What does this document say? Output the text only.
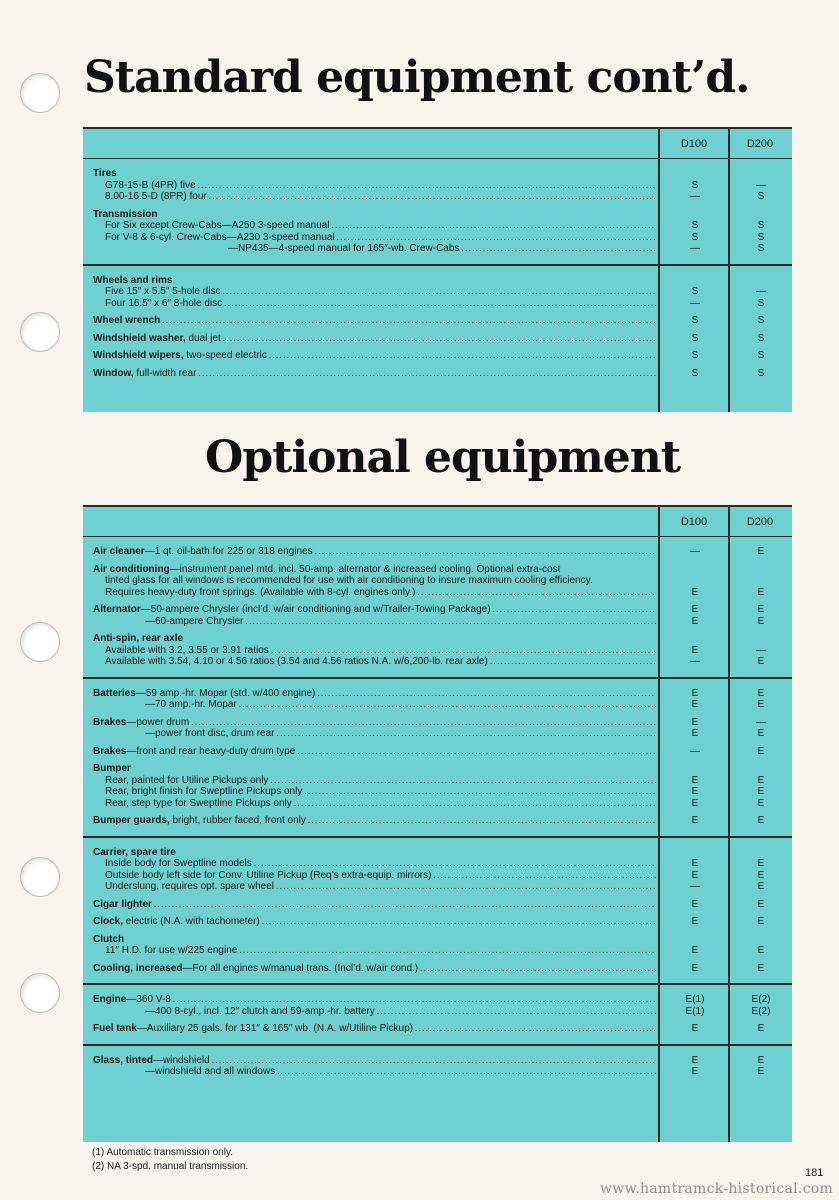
Standard equipment cont’d.
D100	D200
Tires
G78-15-B (4PR) five . . .	S	—
8.00-16.5-D (8PR) four . . .	—	S
Transmission
For Six except Crew-Cabs—A250 3-speed manual . . .	S	S
For V-8 & 6-cyl. Crew-Cabs—A230 3-speed manual . . .	S	S
—NP435—4-speed manual for 165″-wb. Crew-Cabs . . .	—	S
Wheels and rims
Five 15″ x 5.5″ 5-hole disc . . .	S	—
Four 16.5″ x 6″ 8-hole disc . . .	—	S
Wheel wrench . . .	S	S
Windshield washer, dual jet . . .	S	S
Windshield wipers, two-speed electric . . .	S	S
Window, full-width rear . . .	S	S
Optional equipment
D100	D200
Air cleaner—1 qt. oil-bath for 225 or 318 engines . . .	—	E
Air conditioning—instrument panel mtd. incl. 50-amp. alternator & increased cooling. Optional extra-cost
tinted glass for all windows is recommended for use with air conditioning to insure maximum cooling efficiency.
Requires heavy-duty front springs. (Available with 8-cyl. engines only.) . . .	E	E
Alternator—50-ampere Chrysler (incl’d. w/air conditioning and w/Trailer-Towing Package) . . .	E	E
—60-ampere Chrysler . . .	E	E
Anti-spin, rear axle
Available with 3.2, 3.55 or 3.91 ratios . . .	E	—
Available with 3.54, 4.10 or 4.56 ratios (3.54 and 4.56 ratios N.A. w/6,200-lb. rear axle) . . .	—	E
Batteries—59 amp.-hr. Mopar (std. w/400 engine) . . .	E	E
—70 amp.-hr. Mopar . . .	E	E
Brakes—power drum . . .	E	—
—power front disc, drum rear . . .	E	E
Brakes—front and rear heavy-duty drum type . . .	—	E
Bumper
Rear, painted for Utiline Pickups only . . .	E	E
Rear, bright finish for Sweptline Pickups only . . .	E	E
Rear, step type for Sweptline Pickups only . . .	E	E
Bumper guards, bright, rubber faced, front only . . .	E	E
Carrier, spare tire
Inside body for Sweptline models . . .	E	E
Outside body left side for Conv. Utiline Pickup (Req’s extra-equip. mirrors) . . .	E	E
Underslung, requires opt. spare wheel . . .	—	E
Cigar lighter . . .	E	E
Clock, electric (N.A. with tachometer) . . .	E	E
Clutch
11″ H.D. for use w/225 engine . . .	E	E
Cooling, increased—For all engines w/manual trans. (Incl’d. w/air cond.) . . .	E	E
Engine—360 V-8 . . .	E(1)	E(2)
—400 8-cyl., incl. 12″ clutch and 59-amp.-hr. battery . . .	E(1)	E(2)
Fuel tank—Auxiliary 25 gals. for 131″ & 165″ wb. (N.A. w/Utiline Pickup) . . .	E	E
Glass, tinted—windshield . . .	E	E
—windshield and all windows . . .	E	E
(1) Automatic transmission only.
(2) NA 3-spd. manual transmission.
181
www.hamtramck-historical.com
